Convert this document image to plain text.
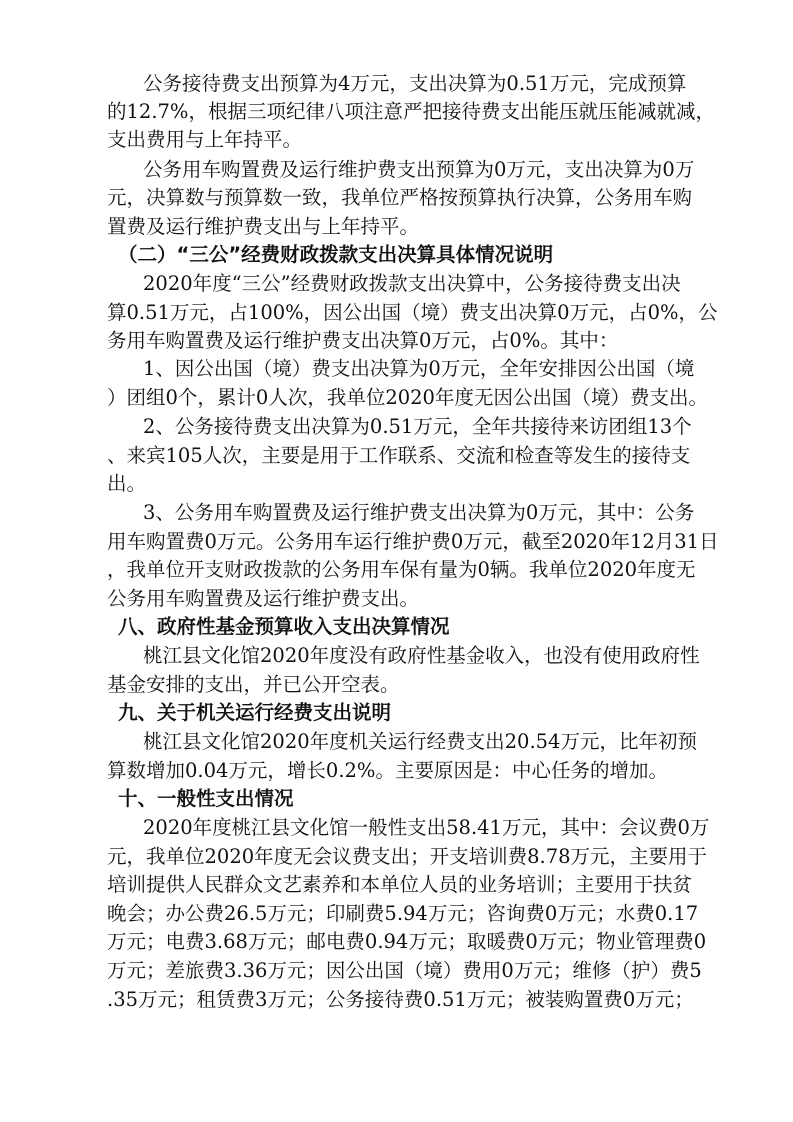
公务接待费支出预算为4万元，支出决算为0.51万元，完成预算
的12.7%，根据三项纪律八项注意严把接待费支出能压就压能减就减，
支出费用与上年持平。
公务用车购置费及运行维护费支出预算为0万元，支出决算为0万
元，决算数与预算数一致，我单位严格按预算执行决算，公务用车购
置费及运行维护费支出与上年持平。
（二）“三公”经费财政拨款支出决算具体情况说明
2020年度“三公”经费财政拨款支出决算中，公务接待费支出决
算0.51万元，占100%，因公出国（境）费支出决算0万元，占0%，公
务用车购置费及运行维护费支出决算0万元，占0%。其中：
1、因公出国（境）费支出决算为0万元，全年安排因公出国（境
）团组0个，累计0人次，我单位2020年度无因公出国（境）费支出。
2、公务接待费支出决算为0.51万元，全年共接待来访团组13个
、来宾105人次，主要是用于工作联系、交流和检查等发生的接待支
出。
3、公务用车购置费及运行维护费支出决算为0万元，其中：公务
用车购置费0万元。公务用车运行维护费0万元，截至2020年12月31日
，我单位开支财政拨款的公务用车保有量为0辆。我单位2020年度无
公务用车购置费及运行维护费支出。
八、政府性基金预算收入支出决算情况
桃江县文化馆2020年度没有政府性基金收入，也没有使用政府性
基金安排的支出，并已公开空表。
九、关于机关运行经费支出说明
桃江县文化馆2020年度机关运行经费支出20.54万元，比年初预
算数增加0.04万元，增长0.2%。主要原因是：中心任务的增加。
十、一般性支出情况
2020年度桃江县文化馆一般性支出58.41万元，其中：会议费0万
元，我单位2020年度无会议费支出；开支培训费8.78万元，主要用于
培训提供人民群众文艺素养和本单位人员的业务培训；主要用于扶贫
晚会；办公费26.5万元；印刷费5.94万元；咨询费0万元；水费0.17
万元；电费3.68万元；邮电费0.94万元；取暖费0万元；物业管理费0
万元；差旅费3.36万元；因公出国（境）费用0万元；维修（护）费5
.35万元；租赁费3万元；公务接待费0.51万元；被装购置费0万元；
